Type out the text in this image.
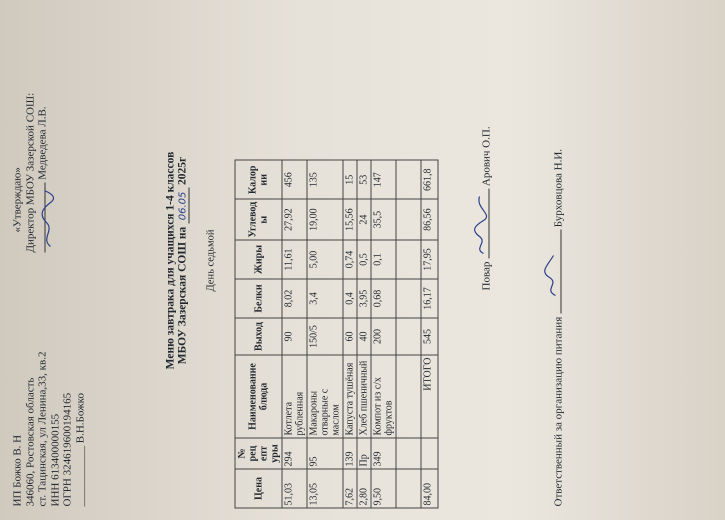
ИП Божко В. Н 346060, Ростовская область ст. Тацинская, ул Ленина,33, кв.2 ИНН 613400000155 ОГРН 324619600194165 ___________ В.Н.Божко
«Утверждаю» Директор МБОУ Зазерской СОШ: Медведева Л.В.
Меню завтрака для учащихся 1-4 классов МБОУ Зазерская СОШ на 06.05 2025г
День седьмой
Цена	№ рец епт уры	Наименование блюда	Выход	Белки	Жиры	Углевод ы	Калор ии
51,03	294	Котлета рубленная	90	8,02	11,61	27,92	456
13,05	95	Макароны отварные с маслом	150/5	3,4	5,00	19,00	135
7,62	139	Капуста тушёная	60	0,4	0,74	15,56	15
2,80	Пр	Хлеб пшеничный	40	3,95	0,5	24	53
9,50	349	Компот из с/х фруктов	200	0,68	0,1	35,5	147

84,00		ИТОГО	545	16,17	17,95	86,56	661,8
Повар
Арович О.П.
Ответственный за организацию питания
Бурховцова Н.И.
